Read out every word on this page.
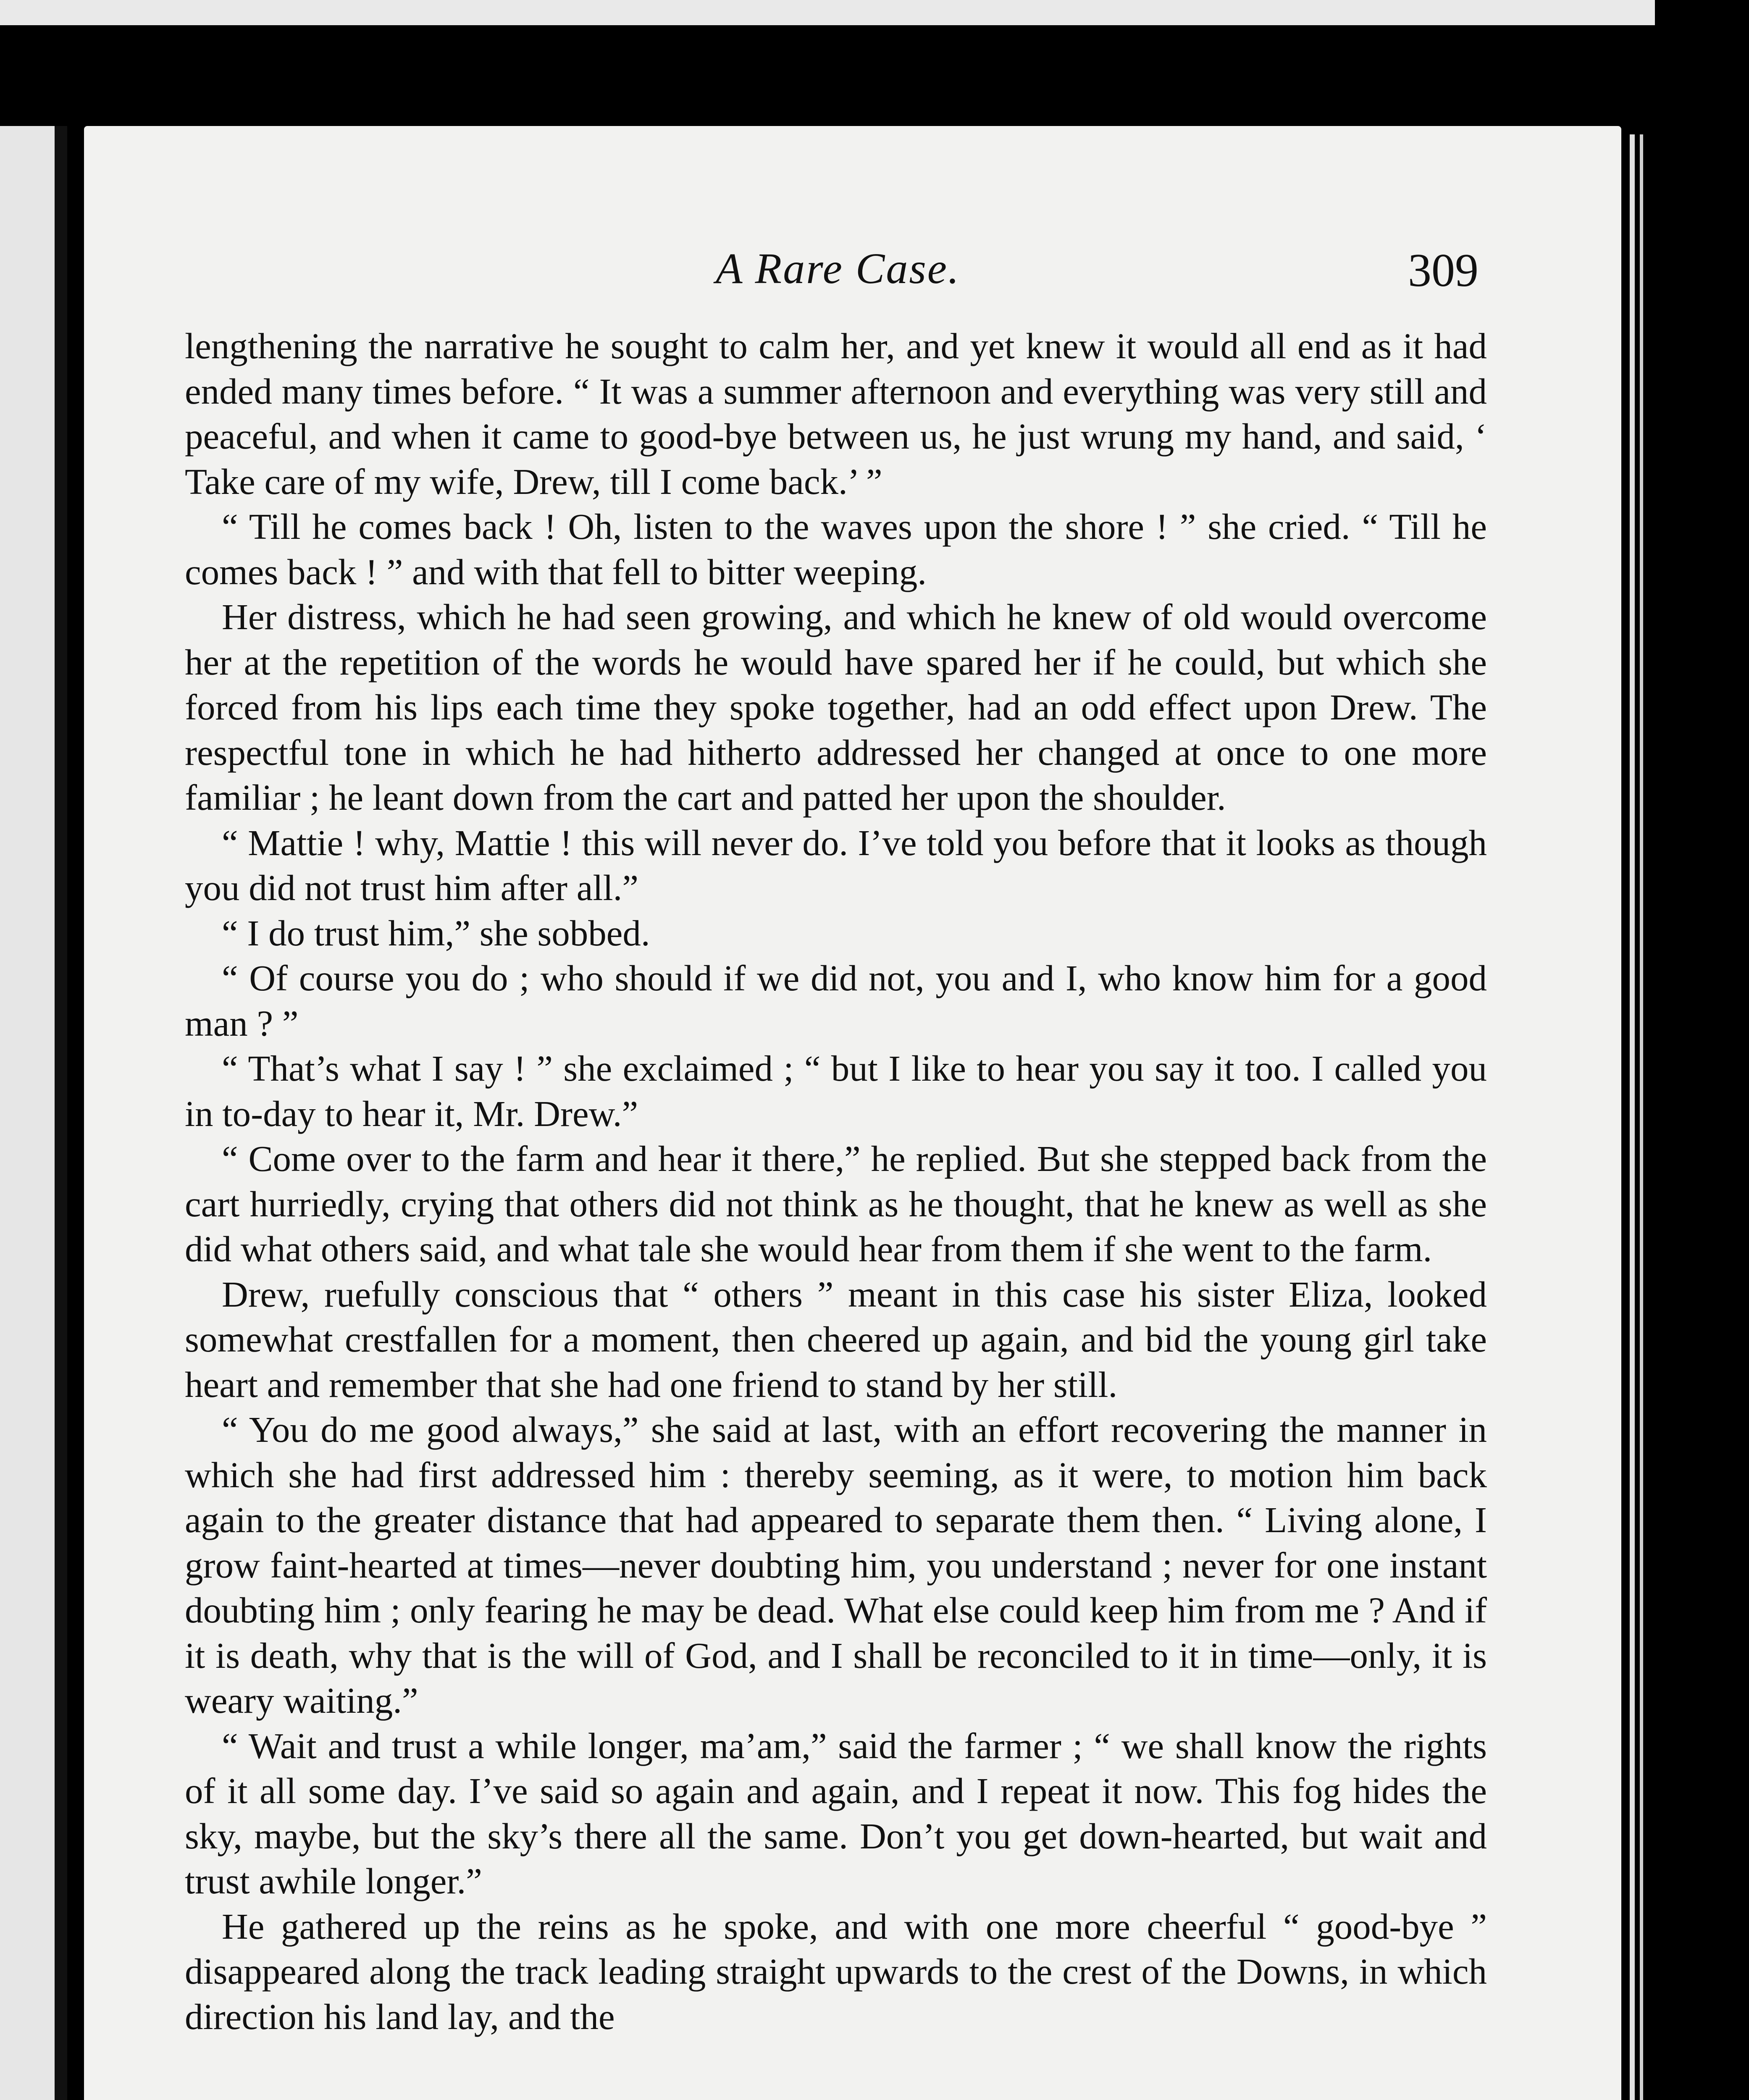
A Rare Case.	309

lengthening the narrative he sought to calm her, and yet knew it would all end as it had ended many times before. “ It was a summer afternoon and everything was very still and peaceful, and when it came to good-bye between us, he just wrung my hand, and said, ‘ Take care of my wife, Drew, till I come back.’ ”

“ Till he comes back ! Oh, listen to the waves upon the shore ! ” she cried. “ Till he comes back ! ” and with that fell to bitter weeping.

Her distress, which he had seen growing, and which he knew of old would overcome her at the repetition of the words he would have spared her if he could, but which she forced from his lips each time they spoke together, had an odd effect upon Drew. The respectful tone in which he had hitherto addressed her changed at once to one more familiar ; he leant down from the cart and patted her upon the shoulder.

“ Mattie ! why, Mattie ! this will never do. I’ve told you before that it looks as though you did not trust him after all.”

“ I do trust him,” she sobbed.

“ Of course you do ; who should if we did not, you and I, who know him for a good man ? ”

“ That’s what I say ! ” she exclaimed ; “ but I like to hear you say it too. I called you in to-day to hear it, Mr. Drew.”

“ Come over to the farm and hear it there,” he replied. But she stepped back from the cart hurriedly, crying that others did not think as he thought, that he knew as well as she did what others said, and what tale she would hear from them if she went to the farm.

Drew, ruefully conscious that “ others ” meant in this case his sister Eliza, looked somewhat crestfallen for a moment, then cheered up again, and bid the young girl take heart and remember that she had one friend to stand by her still.

“ You do me good always,” she said at last, with an effort recovering the manner in which she had first addressed him : thereby seeming, as it were, to motion him back again to the greater distance that had appeared to separate them then. “ Living alone, I grow faint-hearted at times—never doubting him, you understand ; never for one instant doubting him ; only fearing he may be dead. What else could keep him from me ? And if it is death, why that is the will of God, and I shall be reconciled to it in time—only, it is weary waiting.”

“ Wait and trust a while longer, ma’am,” said the farmer ; “ we shall know the rights of it all some day. I’ve said so again and again, and I repeat it now. This fog hides the sky, maybe, but the sky’s there all the same. Don’t you get down-hearted, but wait and trust awhile longer.”

He gathered up the reins as he spoke, and with one more cheerful “ good-bye ” disappeared along the track leading straight upwards to the crest of the Downs, in which direction his land lay, and the
